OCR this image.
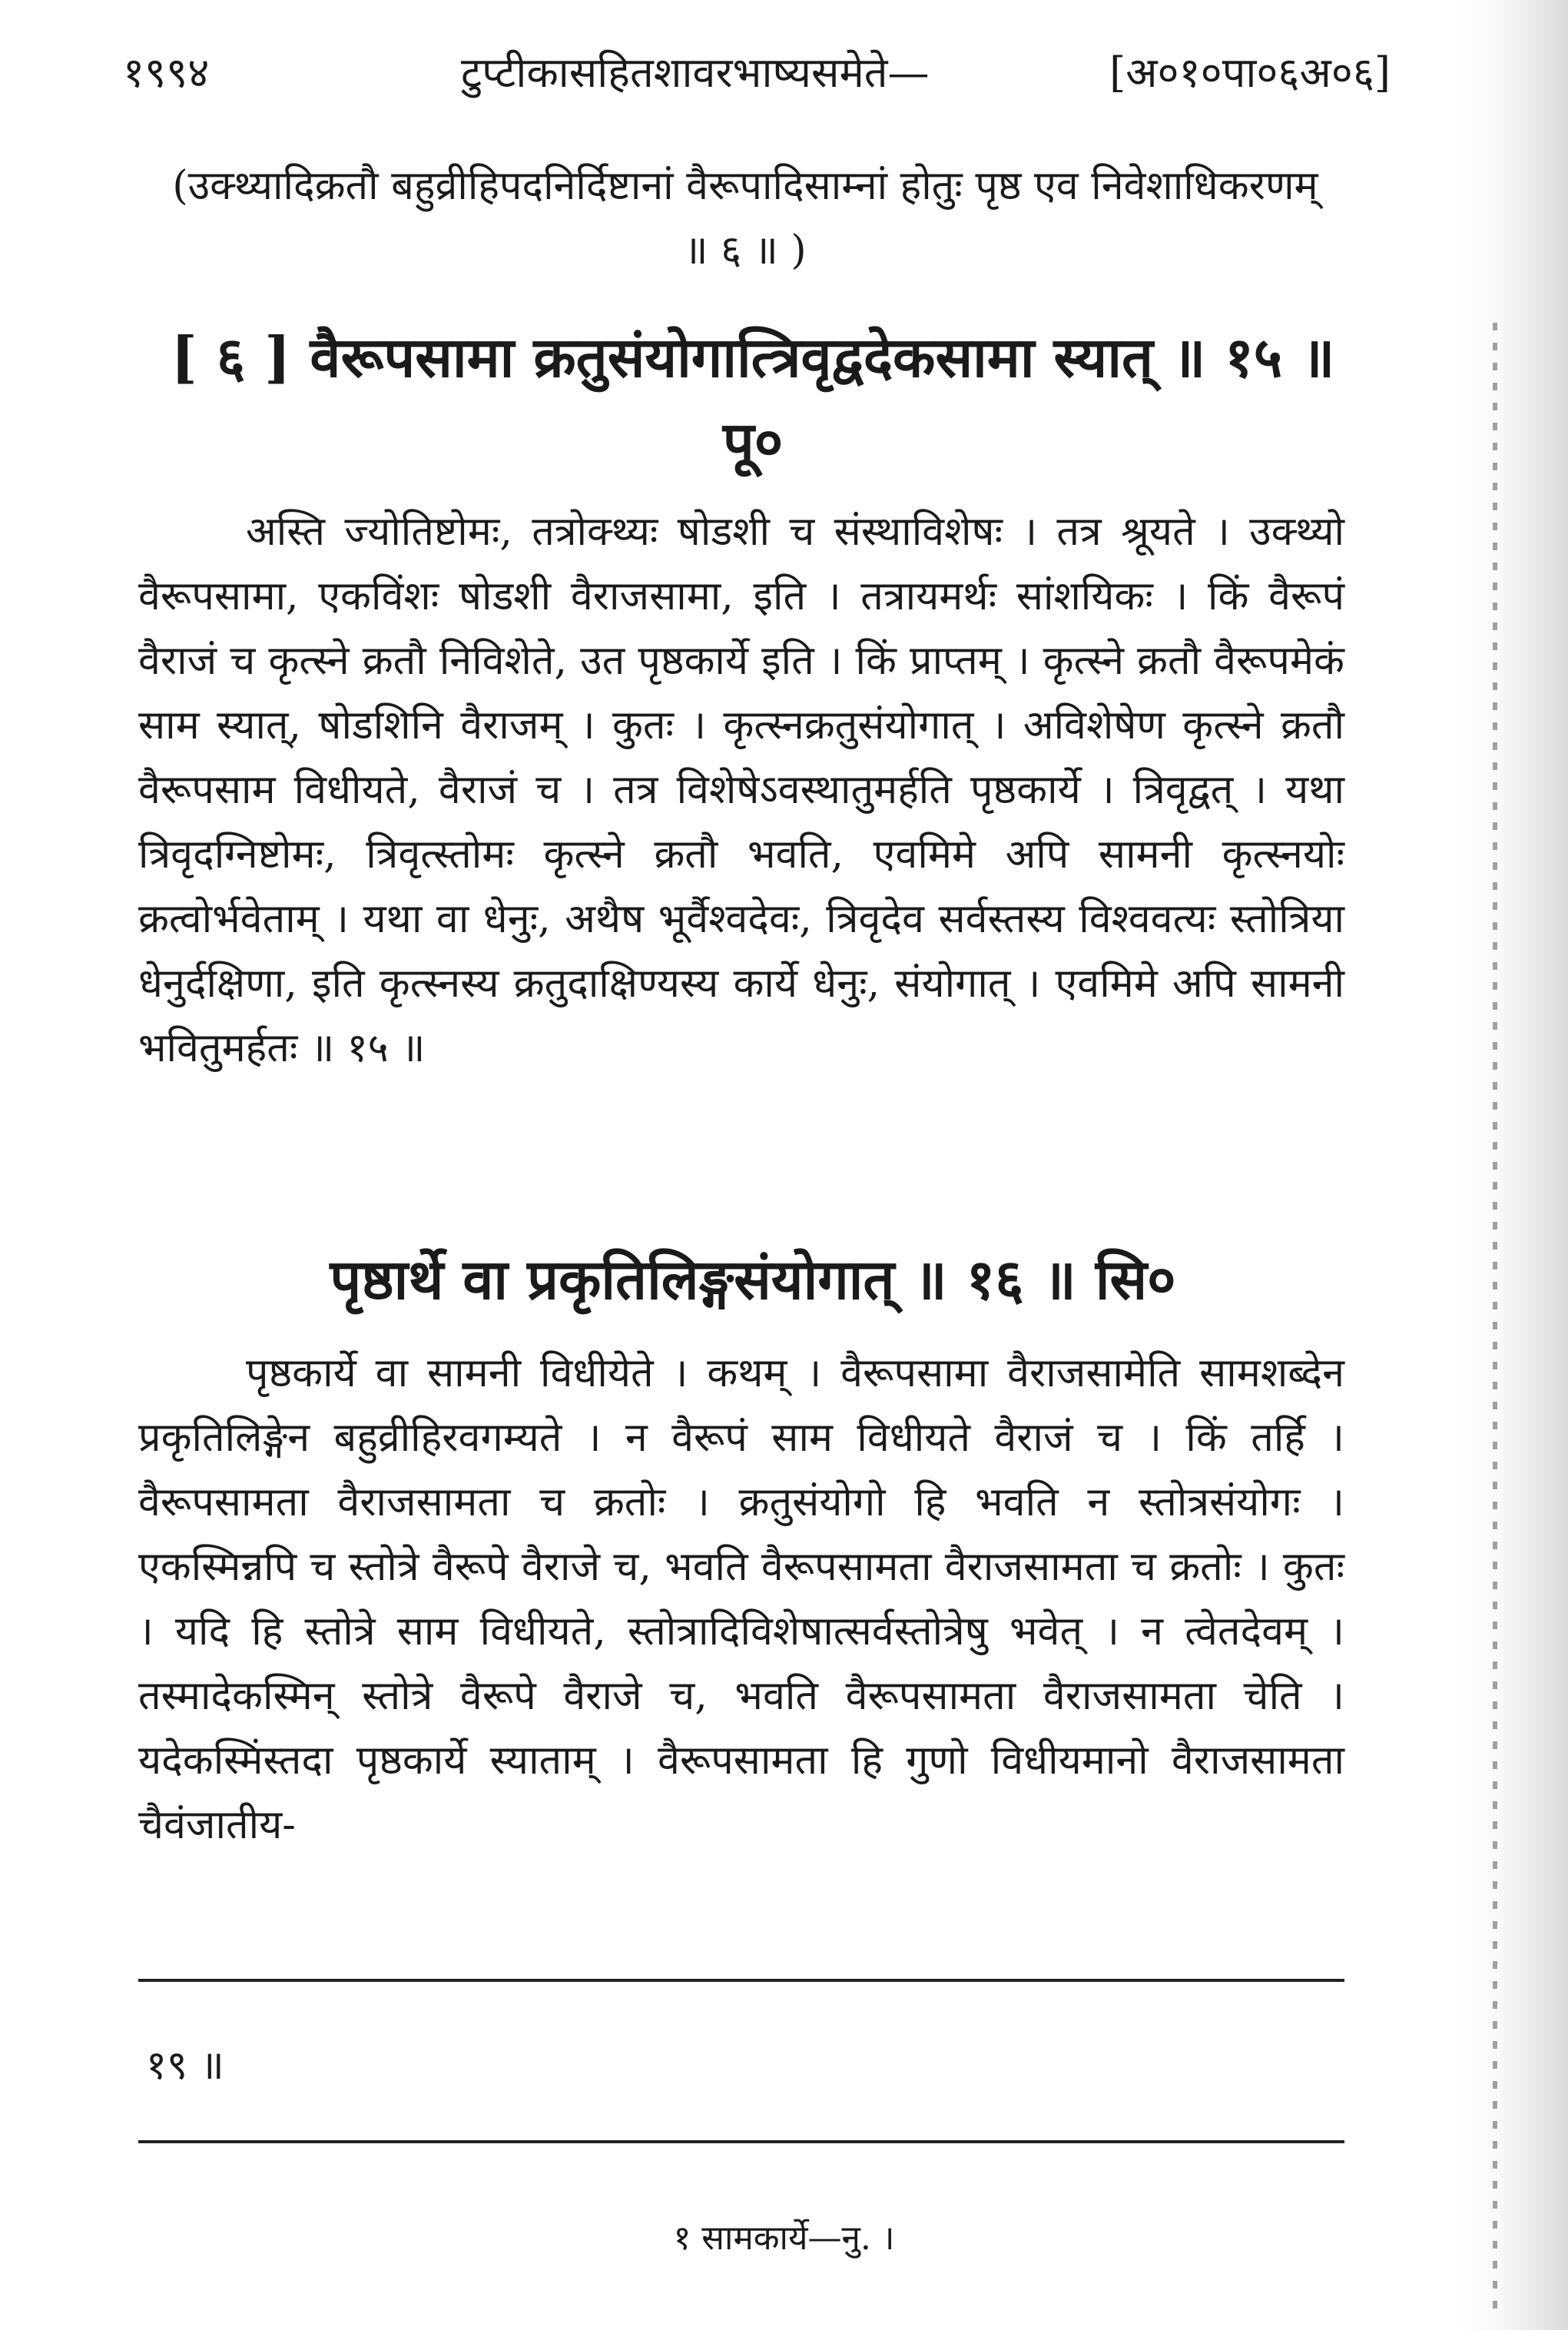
१९९४	टुप्टीकासहितशावरभाष्यसमेते—	[अ०१०पा०६अ०६]
(उक्थ्यादिक्रतौ बहुव्रीहिपदनिर्दिष्टानां वैरूपादिसाम्नां होतुः पृष्ठ एव निवेशाधिकरणम् ॥ ६ ॥ )
[ ६ ] वैरूपसामा क्रतुसंयोगात्त्रिवृद्वदेकसामा स्यात् ॥ १५ ॥ पू०
अस्ति ज्योतिष्टोमः, तत्रोक्थ्यः षोडशी च संस्थाविशेषः । तत्र श्रूयते । उक्थ्यो वैरूपसामा, एकविंशः षोडशी वैराजसामा, इति । तत्रायमर्थः सांशयिकः । किं वैरूपं वैराजं च कृत्स्ने क्रतौ निविशेते, उत पृष्ठकार्ये इति । किं प्राप्तम् । कृत्स्ने क्रतौ वैरूपमेकं साम स्यात्, षोडशिनि वैराजम् । कुतः । कृत्स्नक्रतुसंयोगात् । अविशेषेण कृत्स्ने क्रतौ वैरूपसाम विधीयते, वैराजं च । तत्र विशेषेऽवस्थातुमर्हति पृष्ठकार्ये । त्रिवृद्वत् । यथा त्रिवृदग्निष्टोमः, त्रिवृत्स्तोमः कृत्स्ने क्रतौ भवति, एवमिमे अपि सामनी कृत्स्नयोः क्रत्वोर्भवेताम् । यथा वा धेनुः, अथैष भूर्वैश्वदेवः, त्रिवृदेव सर्वस्तस्य विश्ववत्यः स्तोत्रिया धेनुर्दक्षिणा, इति कृत्स्नस्य क्रतुदाक्षिण्यस्य कार्ये धेनुः, संयोगात् । एवमिमे अपि सामनी भवितुमर्हतः ॥ १५ ॥
पृष्ठार्थे वा प्रकृतिलिङ्गसंयोगात् ॥ १६ ॥ सि०
पृष्ठकार्ये वा सामनी विधीयेते । कथम् । वैरूपसामा वैराजसामेति सामशब्देन प्रकृतिलिङ्गेन बहुव्रीहिरवगम्यते । न वैरूपं साम विधीयते वैराजं च । किं तर्हि । वैरूपसामता वैराजसामता च क्रतोः । क्रतुसंयोगो हि भवति न स्तोत्रसंयोगः । एकस्मिन्नपि च स्तोत्रे वैरूपे वैराजे च, भवति वैरूपसामता वैराजसामता च क्रतोः । कुतः । यदि हि स्तोत्रे साम विधीयते, स्तोत्रादिविशेषात्सर्वस्तोत्रेषु भवेत् । न त्वेतदेवम् । तस्मादेकस्मिन् स्तोत्रे वैरूपे वैराजे च, भवति वैरूपसामता वैराजसामता चेति । यदेकस्मिंस्तदा पृष्ठकार्ये स्याताम् । वैरूपसामता हि गुणो विधीयमानो वैराजसामता चैवंजातीय-
१९ ॥
१ सामकार्ये—नु. ।
